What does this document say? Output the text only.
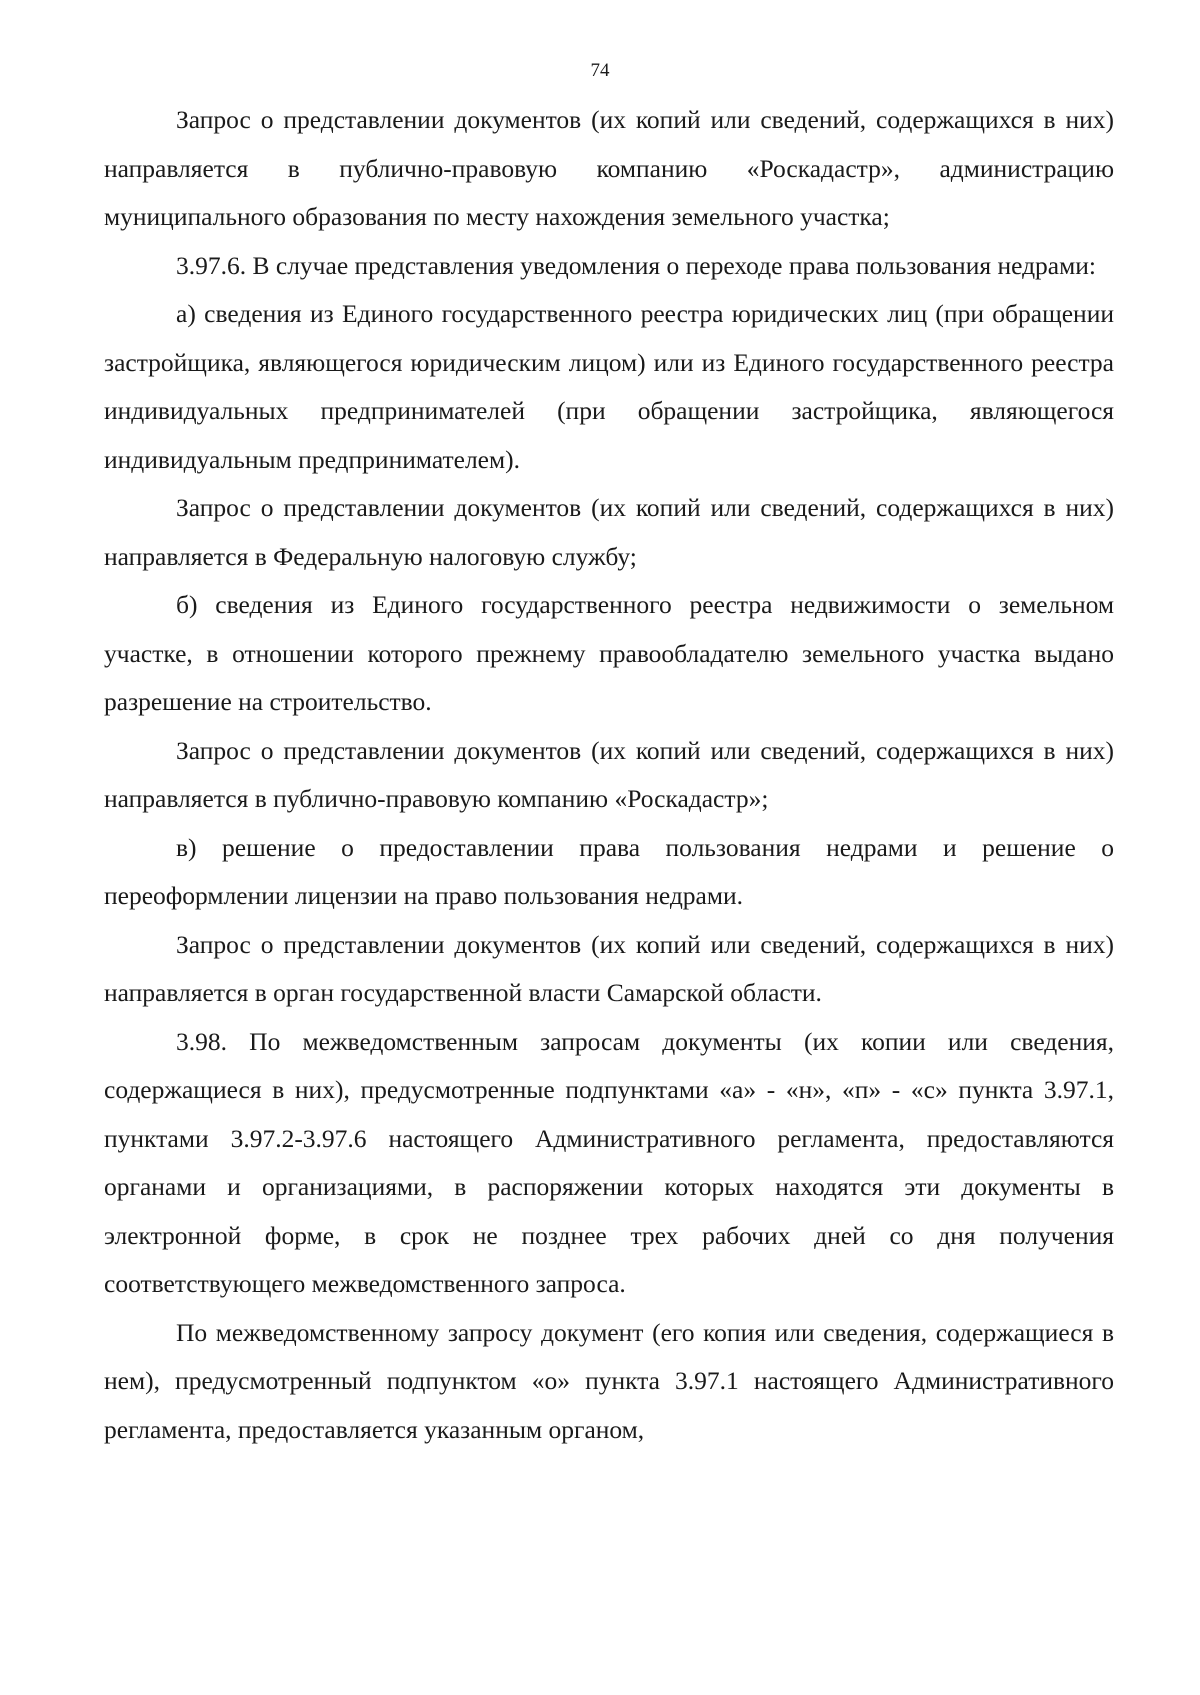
74

Запрос о представлении документов (их копий или сведений, содержащихся в них) направляется в публично-правовую компанию «Роскадастр», администрацию муниципального образования по месту нахождения земельного участка;

3.97.6. В случае представления уведомления о переходе права пользования недрами:

а) сведения из Единого государственного реестра юридических лиц (при обращении застройщика, являющегося юридическим лицом) или из Единого государственного реестра индивидуальных предпринимателей (при обращении застройщика, являющегося индивидуальным предпринимателем).

Запрос о представлении документов (их копий или сведений, содержащихся в них) направляется в Федеральную налоговую службу;

б) сведения из Единого государственного реестра недвижимости о земельном участке, в отношении которого прежнему правообладателю земельного участка выдано разрешение на строительство.

Запрос о представлении документов (их копий или сведений, содержащихся в них) направляется в публично-правовую компанию «Роскадастр»;

в) решение о предоставлении права пользования недрами и решение о переоформлении лицензии на право пользования недрами.

Запрос о представлении документов (их копий или сведений, содержащихся в них) направляется в орган государственной власти Самарской области.

3.98. По межведомственным запросам документы (их копии или сведения, содержащиеся в них), предусмотренные подпунктами «а» - «н», «п» - «с» пункта 3.97.1, пунктами 3.97.2-3.97.6 настоящего Административного регламента, предоставляются органами и организациями, в распоряжении которых находятся эти документы в электронной форме, в срок не позднее трех рабочих дней со дня получения соответствующего межведомственного запроса.

По межведомственному запросу документ (его копия или сведения, содержащиеся в нем), предусмотренный подпунктом «о» пункта 3.97.1 настоящего Административного регламента, предоставляется указанным органом,
